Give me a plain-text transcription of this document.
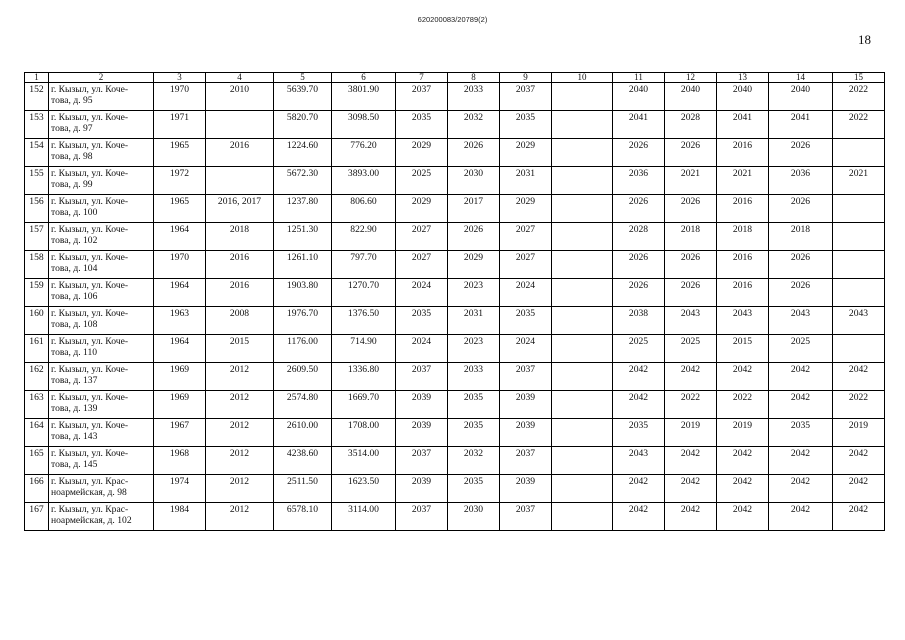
620200083/20789(2)
18
1	2	3	4	5	6	7	8	9	10	11	12	13	14	15
152	г. Кызыл, ул. Коче-
това, д. 95	1970	2010	5639.70	3801.90	2037	2033	2037		2040	2040	2040	2040	2022
153	г. Кызыл, ул. Коче-
това, д. 97	1971		5820.70	3098.50	2035	2032	2035		2041	2028	2041	2041	2022
154	г. Кызыл, ул. Коче-
това, д. 98	1965	2016	1224.60	776.20	2029	2026	2029		2026	2026	2016	2026	
155	г. Кызыл, ул. Коче-
това, д. 99	1972		5672.30	3893.00	2025	2030	2031		2036	2021	2021	2036	2021
156	г. Кызыл, ул. Коче-
това, д. 100	1965	2016, 2017	1237.80	806.60	2029	2017	2029		2026	2026	2016	2026	
157	г. Кызыл, ул. Коче-
това, д. 102	1964	2018	1251.30	822.90	2027	2026	2027		2028	2018	2018	2018	
158	г. Кызыл, ул. Коче-
това, д. 104	1970	2016	1261.10	797.70	2027	2029	2027		2026	2026	2016	2026	
159	г. Кызыл, ул. Коче-
това, д. 106	1964	2016	1903.80	1270.70	2024	2023	2024		2026	2026	2016	2026	
160	г. Кызыл, ул. Коче-
това, д. 108	1963	2008	1976.70	1376.50	2035	2031	2035		2038	2043	2043	2043	2043
161	г. Кызыл, ул. Коче-
това, д. 110	1964	2015	1176.00	714.90	2024	2023	2024		2025	2025	2015	2025	
162	г. Кызыл, ул. Коче-
това, д. 137	1969	2012	2609.50	1336.80	2037	2033	2037		2042	2042	2042	2042	2042
163	г. Кызыл, ул. Коче-
това, д. 139	1969	2012	2574.80	1669.70	2039	2035	2039		2042	2022	2022	2042	2022
164	г. Кызыл, ул. Коче-
това, д. 143	1967	2012	2610.00	1708.00	2039	2035	2039		2035	2019	2019	2035	2019
165	г. Кызыл, ул. Коче-
това, д. 145	1968	2012	4238.60	3514.00	2037	2032	2037		2043	2042	2042	2042	2042
166	г. Кызыл, ул. Крас-
ноармейская, д. 98	1974	2012	2511.50	1623.50	2039	2035	2039		2042	2042	2042	2042	2042
167	г. Кызыл, ул. Крас-
ноармейская, д. 102	1984	2012	6578.10	3114.00	2037	2030	2037		2042	2042	2042	2042	2042
